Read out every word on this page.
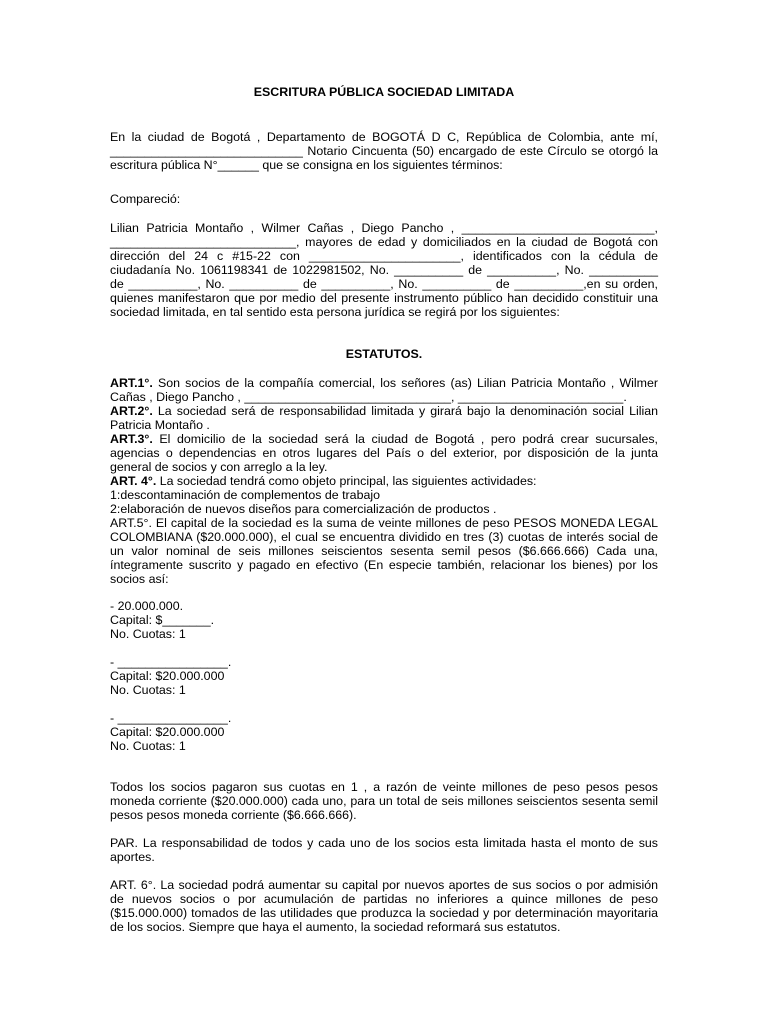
ESCRITURA PÚBLICA SOCIEDAD LIMITADA
En la ciudad de Bogotá , Departamento de BOGOTÁ D C, República de Colombia, ante mí, ____________________________ Notario Cincuenta (50) encargado de este Círculo se otorgó la escritura pública N°______ que se consigna en los siguientes términos:
Compareció:
Lilian Patricia Montaño , Wilmer Cañas , Diego Pancho , ____________________________, ___________________________, mayores de edad y domiciliados en la ciudad de Bogotá con dirección del 24 c #15-22 con ______________________, identificados con la cédula de ciudadanía No. 1061198341 de 1022981502, No. __________ de __________, No. __________ de __________, No. __________ de __________, No. __________ de __________,en su orden, quienes manifestaron que por medio del presente instrumento público han decidido constituir una sociedad limitada, en tal sentido esta persona jurídica se regirá por los siguientes:
ESTATUTOS.
ART.1°. Son socios de la compañía comercial, los señores (as) Lilian Patricia Montaño , Wilmer Cañas , Diego Pancho , ______________________________, ________________________.
ART.2°. La sociedad será de responsabilidad limitada y girará bajo la denominación social Lilian Patricia Montaño .
ART.3°. El domicilio de la sociedad será la ciudad de Bogotá , pero podrá crear sucursales, agencias o dependencias en otros lugares del País o del exterior, por disposición de la junta general de socios y con arreglo a la ley.
ART. 4°. La sociedad tendrá como objeto principal, las siguientes actividades:
1:descontaminación de complementos de trabajo
2:elaboración de nuevos diseños para comercialización de productos .
ART.5°. El capital de la sociedad es la suma de veinte millones de peso PESOS MONEDA LEGAL COLOMBIANA ($20.000.000), el cual se encuentra dividido en tres (3) cuotas de interés social de un valor nominal de seis millones seiscientos sesenta semil pesos ($6.666.666) Cada una, íntegramente suscrito y pagado en efectivo (En especie también, relacionar los bienes) por los socios así:
- 20.000.000.
Capital: $_______.
No. Cuotas: 1
- ________________.
Capital: $20.000.000
No. Cuotas: 1
- ________________.
Capital: $20.000.000
No. Cuotas: 1
Todos los socios pagaron sus cuotas en 1 , a razón de veinte millones de peso pesos pesos moneda corriente ($20.000.000) cada uno, para un total de seis millones seiscientos sesenta semil pesos pesos moneda corriente ($6.666.666).
PAR. La responsabilidad de todos y cada uno de los socios esta limitada hasta el monto de sus aportes.
ART. 6°. La sociedad podrá aumentar su capital por nuevos aportes de sus socios o por admisión de nuevos socios o por acumulación de partidas no inferiores a quince millones de peso ($15.000.000) tomados de las utilidades que produzca la sociedad y por determinación mayoritaria de los socios. Siempre que haya el aumento, la sociedad reformará sus estatutos.
